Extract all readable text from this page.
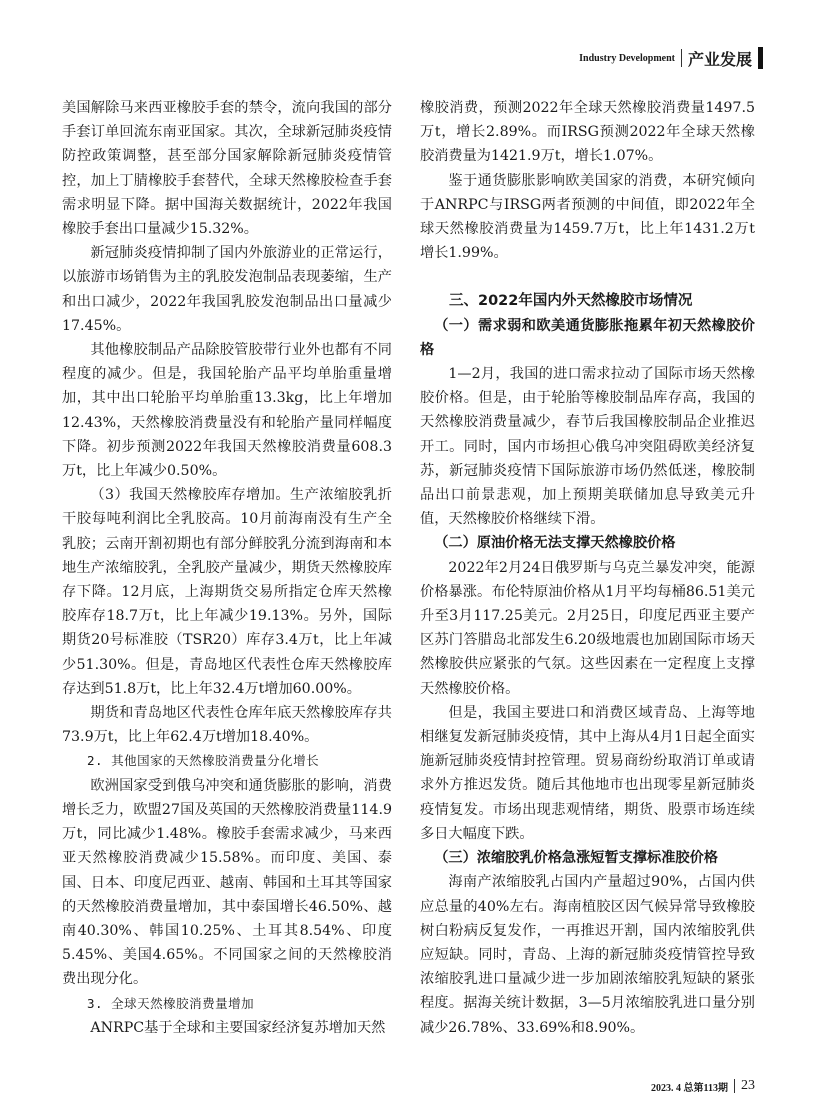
Industry Development 产业发展

美国解除马来西亚橡胶手套的禁令，流向我国的部分手套订单回流东南亚国家。其次，全球新冠肺炎疫情防控政策调整，甚至部分国家解除新冠肺炎疫情管控，加上丁腈橡胶手套替代，全球天然橡胶检查手套需求明显下降。据中国海关数据统计，2022年我国橡胶手套出口量减少15.32%。

新冠肺炎疫情抑制了国内外旅游业的正常运行，以旅游市场销售为主的乳胶发泡制品表现萎缩，生产和出口减少，2022年我国乳胶发泡制品出口量减少17.45%。

其他橡胶制品产品除胶管胶带行业外也都有不同程度的减少。但是，我国轮胎产品平均单胎重量增加，其中出口轮胎平均单胎重13.3kg，比上年增加12.43%，天然橡胶消费量没有和轮胎产量同样幅度下降。初步预测2022年我国天然橡胶消费量608.3万t，比上年减少0.50%。

（3）我国天然橡胶库存增加。生产浓缩胶乳折干胶每吨利润比全乳胶高。10月前海南没有生产全乳胶；云南开割初期也有部分鲜胶乳分流到海南和本地生产浓缩胶乳，全乳胶产量减少，期货天然橡胶库存下降。12月底，上海期货交易所指定仓库天然橡胶库存18.7万t，比上年减少19.13%。另外，国际期货20号标准胶（TSR20）库存3.4万t，比上年减少51.30%。但是，青岛地区代表性仓库天然橡胶库存达到51.8万t，比上年32.4万t增加60.00%。

期货和青岛地区代表性仓库年底天然橡胶库存共73.9万t，比上年62.4万t增加18.40%。

2. 其他国家的天然橡胶消费量分化增长

欧洲国家受到俄乌冲突和通货膨胀的影响，消费增长乏力，欧盟27国及英国的天然橡胶消费量114.9万t，同比减少1.48%。橡胶手套需求减少，马来西亚天然橡胶消费减少15.58%。而印度、美国、泰国、日本、印度尼西亚、越南、韩国和土耳其等国家的天然橡胶消费量增加，其中泰国增长46.50%、越南40.30%、韩国10.25%、土耳其8.54%、印度5.45%、美国4.65%。不同国家之间的天然橡胶消费出现分化。

3. 全球天然橡胶消费量增加

ANRPC基于全球和主要国家经济复苏增加天然

橡胶消费，预测2022年全球天然橡胶消费量1497.5万t，增长2.89%。而IRSG预测2022年全球天然橡胶消费量为1421.9万t，增长1.07%。

鉴于通货膨胀影响欧美国家的消费，本研究倾向于ANRPC与IRSG两者预测的中间值，即2022年全球天然橡胶消费量为1459.7万t，比上年1431.2万t增长1.99%。

三、2022年国内外天然橡胶市场情况

（一）需求弱和欧美通货膨胀拖累年初天然橡胶价格

1—2月，我国的进口需求拉动了国际市场天然橡胶价格。但是，由于轮胎等橡胶制品库存高，我国的天然橡胶消费量减少，春节后我国橡胶制品企业推迟开工。同时，国内市场担心俄乌冲突阻碍欧美经济复苏，新冠肺炎疫情下国际旅游市场仍然低迷，橡胶制品出口前景悲观，加上预期美联储加息导致美元升值，天然橡胶价格继续下滑。

（二）原油价格无法支撑天然橡胶价格

2022年2月24日俄罗斯与乌克兰暴发冲突，能源价格暴涨。布伦特原油价格从1月平均每桶86.51美元升至3月117.25美元。2月25日，印度尼西亚主要产区苏门答腊岛北部发生6.20级地震也加剧国际市场天然橡胶供应紧张的气氛。这些因素在一定程度上支撑天然橡胶价格。

但是，我国主要进口和消费区域青岛、上海等地相继复发新冠肺炎疫情，其中上海从4月1日起全面实施新冠肺炎疫情封控管理。贸易商纷纷取消订单或请求外方推迟发货。随后其他地市也出现零星新冠肺炎疫情复发。市场出现悲观情绪，期货、股票市场连续多日大幅度下跌。

（三）浓缩胶乳价格急涨短暂支撑标准胶价格

海南产浓缩胶乳占国内产量超过90%，占国内供应总量的40%左右。海南植胶区因气候异常导致橡胶树白粉病反复发作，一再推迟开割，国内浓缩胶乳供应短缺。同时，青岛、上海的新冠肺炎疫情管控导致浓缩胶乳进口量减少进一步加剧浓缩胶乳短缺的紧张程度。据海关统计数据，3—5月浓缩胶乳进口量分别减少26.78%、33.69%和8.90%。

2023. 4 总第113期 23
